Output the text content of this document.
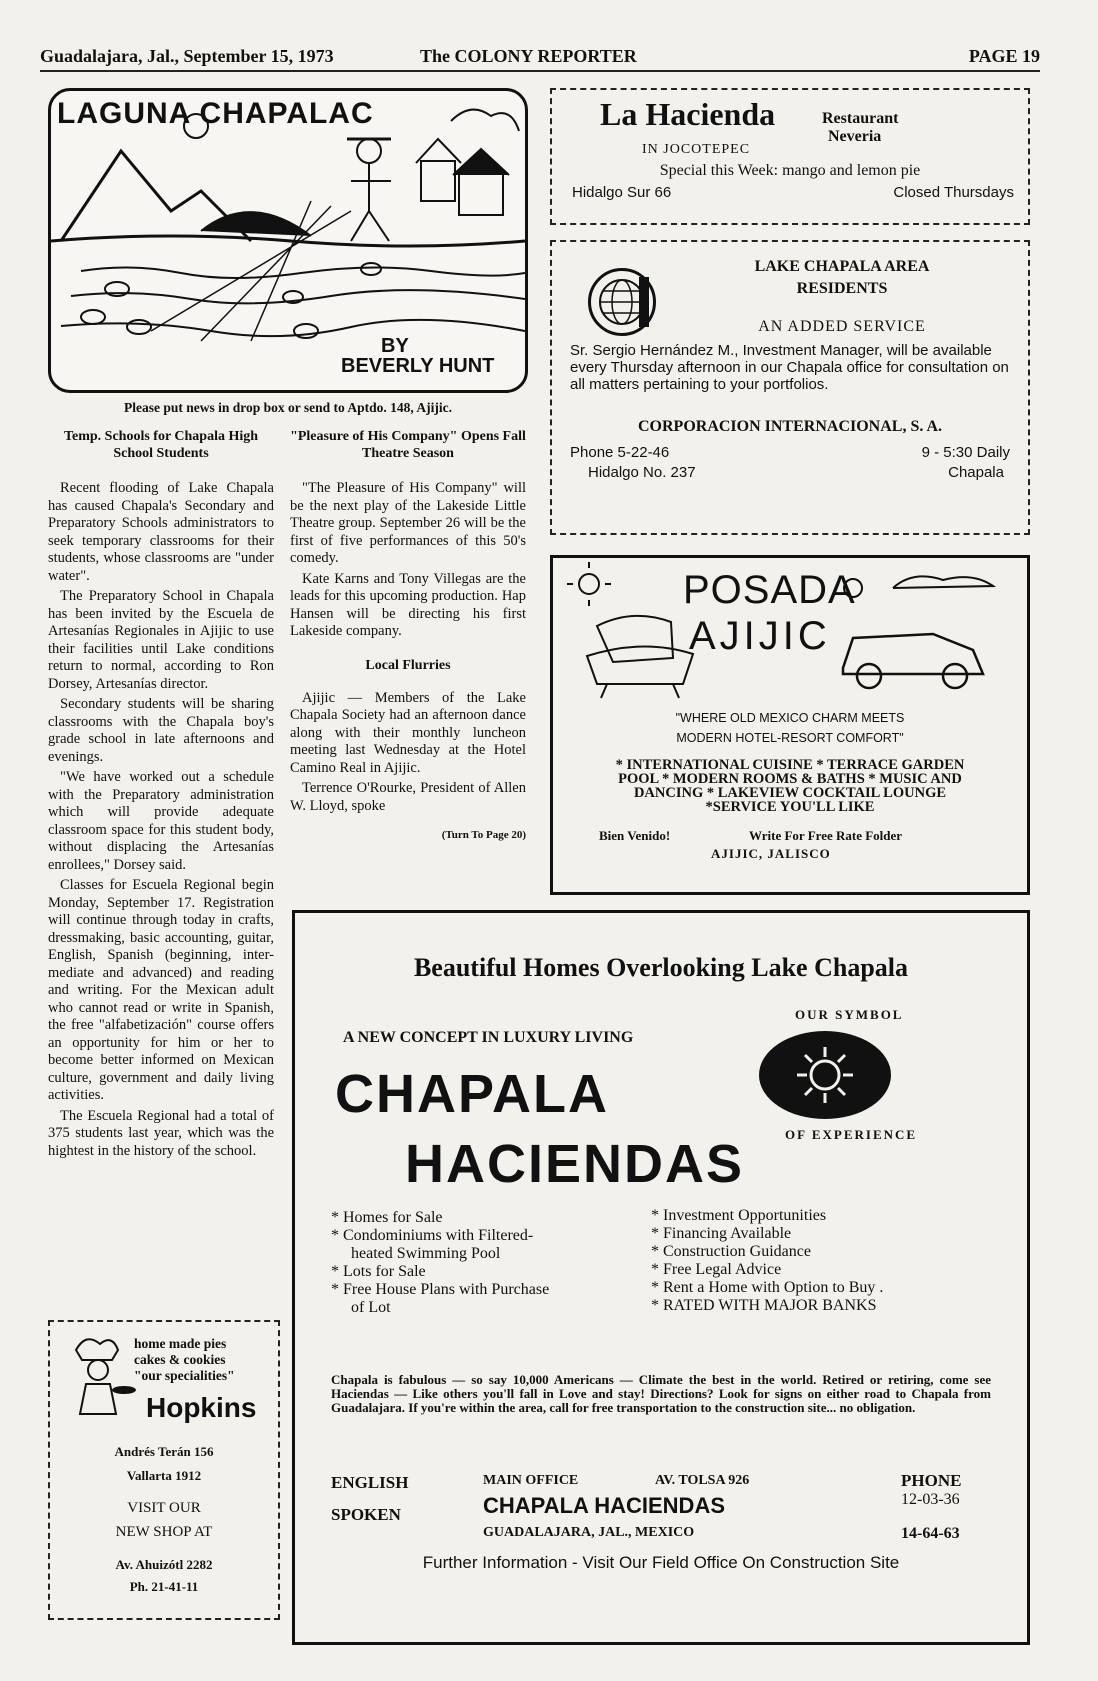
Guadalajara, Jal., September 15, 1973	The COLONY REPORTER	PAGE 19
LAGUNA CHAPALAC
BY
BEVERLY HUNT
Please put news in drop box or send to Aptdo. 148, Ajijic.
Temp. Schools for Chapala High School Students

Recent flooding of Lake Chapala has caused Chapala's Secondary and Preparatory Schools administrators to seek temporary classrooms for their students, whose classrooms are "under water".

The Preparatory School in Chapala has been invited by the Escuela de Artesanías Regionales in Ajijic to use their facilities until Lake conditions return to normal, according to Ron Dorsey, Artesanías director.

Secondary students will be sharing classrooms with the Chapala boy's grade school in late afternoons and evenings.

"We have worked out a schedule with the Preparatory administration which will provide adequate classroom space for this student body, without displacing the Artesanías enrollees," Dorsey said.

Classes for Escuela Regional begin Monday, September 17. Registration will continue through today in crafts, dressmaking, basic accounting, guitar, English, Spanish (beginning, inter-mediate and advanced) and reading and writing. For the Mexican adult who cannot read or write in Spanish, the free "alfabetización" course offers an opportunity for him or her to become better informed on Mexican culture, government and daily living activities.

The Escuela Regional had a total of 375 students last year, which was the hightest in the history of the school.

"Pleasure of His Company" Opens Fall Theatre Season

"The Pleasure of His Company" will be the next play of the Lakeside Little Theatre group. September 26 will be the first of five performances of this 50's comedy.

Kate Karns and Tony Villegas are the leads for this upcoming production. Hap Hansen will be directing his first Lakeside company.

Local Flurries

Ajijic — Members of the Lake Chapala Society had an afternoon dance along with their monthly luncheon meeting last Wednesday at the Hotel Camino Real in Ajijic.

Terrence O'Rourke, President of Allen W. Lloyd, spoke

(Turn To Page 20)
La Hacienda
IN JOCOTEPEC
Restaurant
Neveria
Special this Week: mango and lemon pie
Hidalgo Sur 66	Closed Thursdays
LAKE CHAPALA AREA
RESIDENTS
AN ADDED SERVICE
Sr. Sergio Hernández M., Investment Manager, will be available every Thursday afternoon in our Chapala office for consultation on all matters pertaining to your portfolios.
CORPORACION INTERNACIONAL, S. A.
Phone 5-22-46	9 - 5:30 Daily
Hidalgo No. 237	Chapala
POSADA
AJIJIC
"WHERE OLD MEXICO CHARM MEETS
MODERN HOTEL-RESORT COMFORT"
* INTERNATIONAL CUISINE * TERRACE GARDEN
POOL * MODERN ROOMS & BATHS * MUSIC AND
DANCING * LAKEVIEW COCKTAIL LOUNGE
*SERVICE YOU'LL LIKE
Bien Venido!	Write For Free Rate Folder
AJIJIC, JALISCO
Beautiful Homes Overlooking Lake Chapala
A NEW CONCEPT IN LUXURY LIVING
CHAPALA
HACIENDAS
OUR SYMBOL
OF EXPERIENCE
* Homes for Sale
* Condominiums with Filtered-heated Swimming Pool
* Lots for Sale
* Free House Plans with Purchase of Lot
* Investment Opportunities
* Financing Available
* Construction Guidance
* Free Legal Advice
* Rent a Home with Option to Buy .
* RATED WITH MAJOR BANKS
Chapala is fabulous — so say 10,000 Americans — Climate the best in the world. Retired or retiring, come see Haciendas — Like others you'll fall in Love and stay! Directions? Look for signs on either road to Chapala from Guadalajara. If you're within the area, call for free transportation to the construction site... no obligation.
ENGLISH
SPOKEN
MAIN OFFICE	AV. TOLSA 926
CHAPALA HACIENDAS
GUADALAJARA, JAL., MEXICO
PHONE
12-03-36
14-64-63
Further Information - Visit Our Field Office On Construction Site
home made pies
cakes & cookies
"our specialities"
Hopkins
Andrés Terán 156
Vallarta 1912
VISIT OUR
NEW SHOP AT
Av. Ahuizótl 2282
Ph. 21-41-11
